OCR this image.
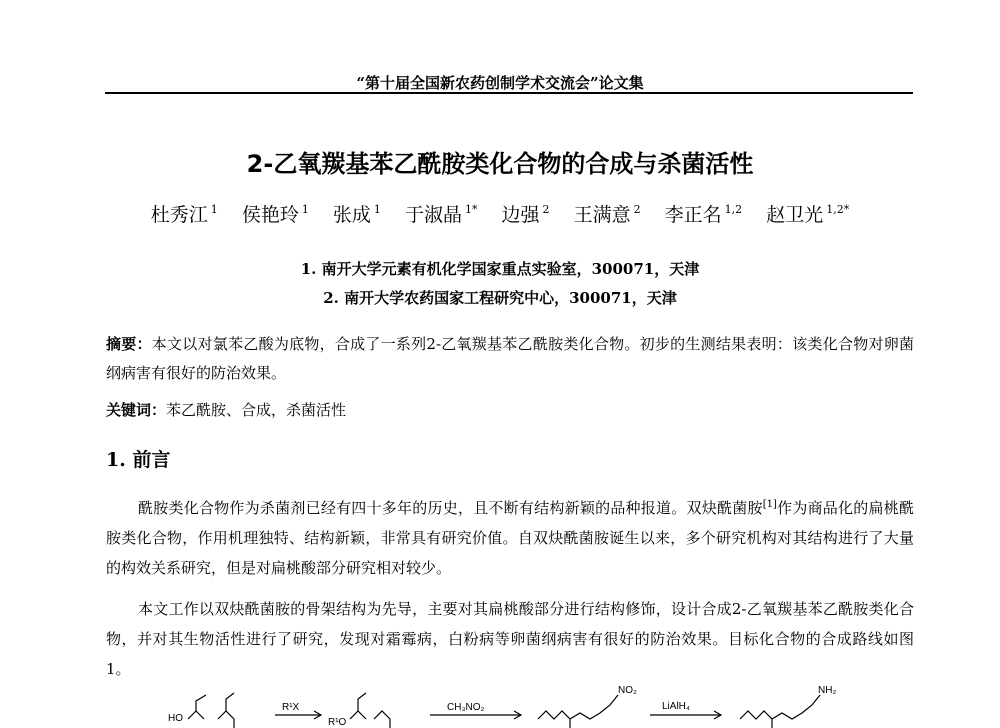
“第十届全国新农药创制学术交流会”论文集
2-乙氧羰基苯乙酰胺类化合物的合成与杀菌活性
杜秀江 $^1$ 侯艳玲 $^1$ 张成 $^1$ 于淑晶 $^{1*}$ 边强 $^2$ 王满意 $^2$ 李正名 $^{1,2}$ 赵卫光 $^{1,2*}$
1. 南开大学元素有机化学国家重点实验室，300071，天津
2. 南开大学农药国家工程研究中心，300071，天津
摘要：本文以对氯苯乙酸为底物，合成了一系列2-乙氧羰基苯乙酰胺类化合物。初步的生测结果表明：该类化合物对卵菌纲病害有很好的防治效果。
关键词：苯乙酰胺、合成，杀菌活性
1. 前言
酰胺类化合物作为杀菌剂已经有四十多年的历史，且不断有结构新颖的品种报道。双炔酰菌胺[1]作为商品化的扁桃酰胺类化合物，作用机理独特、结构新颖，非常具有研究价值。自双炔酰菌胺诞生以来，多个研究机构对其结构进行了大量的构效关系研究，但是对扁桃酸部分研究相对较少。
本文工作以双炔酰菌胺的骨架结构为先导，主要对其扁桃酸部分进行结构修饰，设计合成2-乙氧羰基苯乙酰胺类化合物，并对其生物活性进行了研究，发现对霜霉病，白粉病等卵菌纲病害有很好的防治效果。目标化合物的合成路线如图 1。
HO	R¹O
R¹X	CH₃NO₂	LiAlH₄
NO₂	NH₂
